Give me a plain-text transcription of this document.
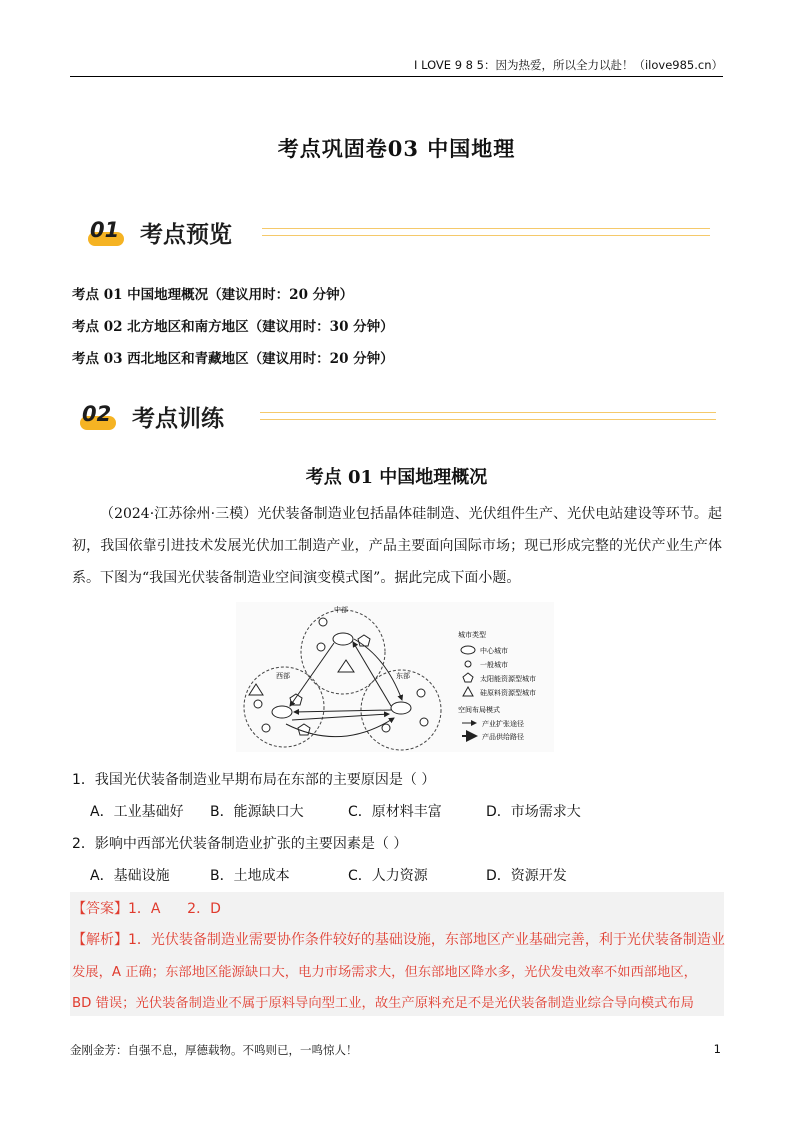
I LOVE 9 8 5：因为热爱，所以全力以赴！（ilove985.cn）
考点巩固卷03 中国地理
01 考点预览
考点 01 中国地理概况（建议用时：20 分钟）
考点 02 北方地区和南方地区（建议用时：30 分钟）
考点 03 西北地区和青藏地区（建议用时：20 分钟）
02 考点训练
考点 01 中国地理概况
（2024·江苏徐州·三模）光伏装备制造业包括晶体硅制造、光伏组件生产、光伏电站建设等环节。起初，我国依靠引进技术发展光伏加工制造产业，产品主要面向国际市场；现已形成完整的光伏产业生产体系。下图为“我国光伏装备制造业空间演变模式图”。据此完成下面小题。
中部
西部	东部
城市类型
中心城市
一般城市
太阳能资源型城市
硅原料资源型城市
空间布局模式
产业扩张途径
产品供给路径
1．我国光伏装备制造业早期布局在东部的主要原因是（ ）
A．工业基础好 B．能源缺口大	C．原材料丰富	D．市场需求大
2．影响中西部光伏装备制造业扩张的主要因素是（ ）
A．基础设施	B．土地成本	C．人力资源	D．资源开发
【答案】1．A      2．D
【解析】1．光伏装备制造业需要协作条件较好的基础设施，东部地区产业基础完善，利于光伏装备制造业
发展，A 正确；东部地区能源缺口大，电力市场需求大，但东部地区降水多，光伏发电效率不如西部地区，
BD 错误；光伏装备制造业不属于原料导向型工业，故生产原料充足不是光伏装备制造业综合导向模式布局
金刚金芳：自强不息，厚德载物。不鸣则已，一鸣惊人！	1
